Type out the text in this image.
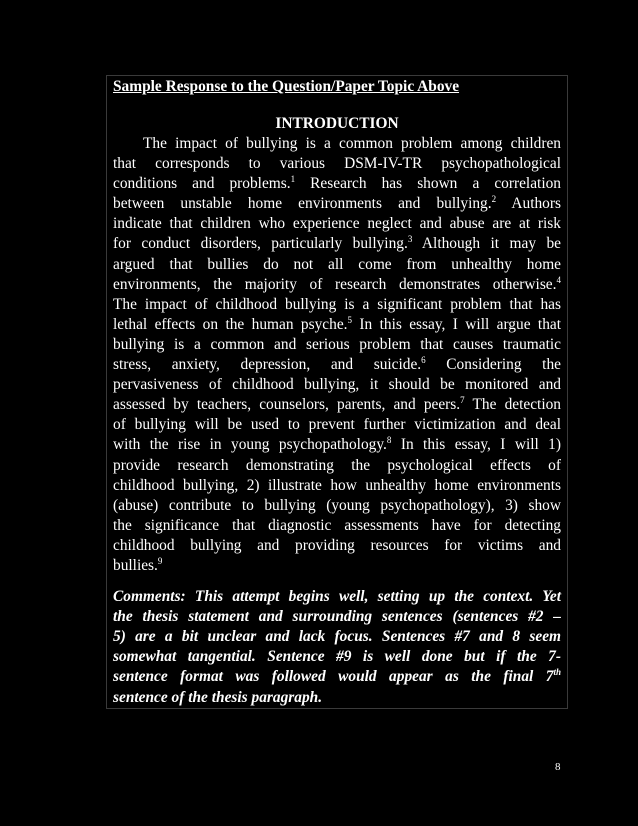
Sample Response to the Question/Paper Topic Above
INTRODUCTION
The impact of bullying is a common problem among children
that corresponds to various DSM-IV-TR psychopathological
conditions and problems.$^1$ Research has shown a correlation
between unstable home environments and bullying.$^2$ Authors
indicate that children who experience neglect and abuse are at risk
for conduct disorders, particularly bullying.$^3$ Although it may be
argued that bullies do not all come from unhealthy home
environments, the majority of research demonstrates otherwise.$^4$
The impact of childhood bullying is a significant problem that has
lethal effects on the human psyche.$^5$ In this essay, I will argue that
bullying is a common and serious problem that causes traumatic
stress, anxiety, depression, and suicide.$^6$ Considering the
pervasiveness of childhood bullying, it should be monitored and
assessed by teachers, counselors, parents, and peers.$^7$ The detection
of bullying will be used to prevent further victimization and deal
with the rise in young psychopathology.$^8$ In this essay, I will 1)
provide research demonstrating the psychological effects of
childhood bullying, 2) illustrate how unhealthy home environments
(abuse) contribute to bullying (young psychopathology), 3) show
the significance that diagnostic assessments have for detecting
childhood bullying and providing resources for victims and
bullies.$^9$
Comments: This attempt begins well, setting up the context. Yet
the thesis statement and surrounding sentences (sentences #2 –
5) are a bit unclear and lack focus. Sentences #7 and 8 seem
somewhat tangential. Sentence #9 is well done but if the 7-
sentence format was followed would appear as the final 7th
sentence of the thesis paragraph.
8
